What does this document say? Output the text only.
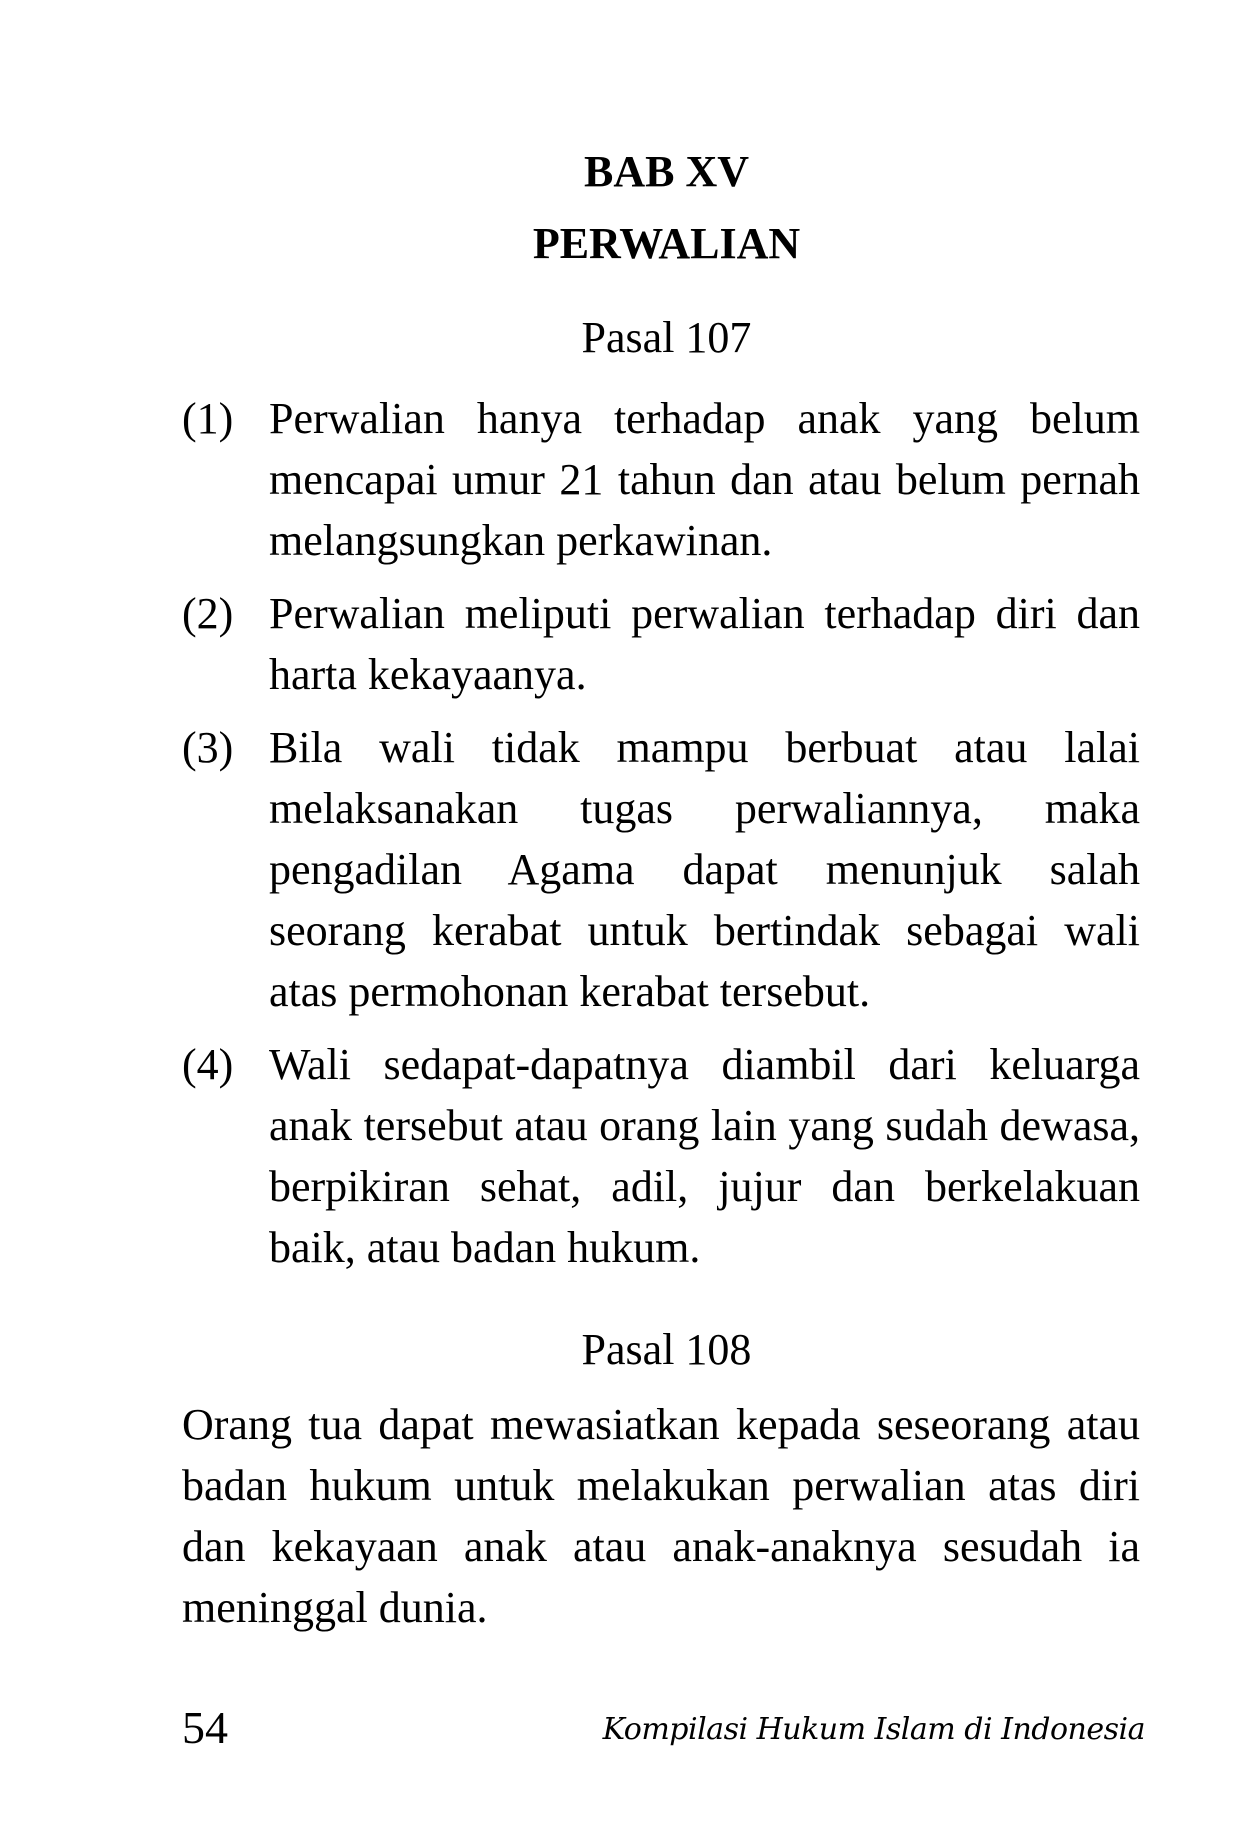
BAB XV
PERWALIAN
Pasal 107
(1) Perwalian hanya terhadap anak yang belum mencapai umur 21 tahun dan atau belum pernah melangsungkan perkawinan.
(2) Perwalian meliputi perwalian terhadap diri dan harta kekayaanya.
(3) Bila wali tidak mampu berbuat atau lalai melaksanakan tugas perwaliannya, maka pengadilan Agama dapat menunjuk salah seorang kerabat untuk bertindak sebagai wali atas permohonan kerabat tersebut.
(4) Wali sedapat-dapatnya diambil dari keluarga anak tersebut atau orang lain yang sudah dewasa, berpikiran sehat, adil, jujur dan berkelakuan baik, atau badan hukum.
Pasal 108
Orang tua dapat mewasiatkan kepada seseorang atau badan hukum untuk melakukan perwalian atas diri dan kekayaan anak atau anak-anaknya sesudah ia meninggal dunia.
54	Kompilasi Hukum Islam di Indonesia
